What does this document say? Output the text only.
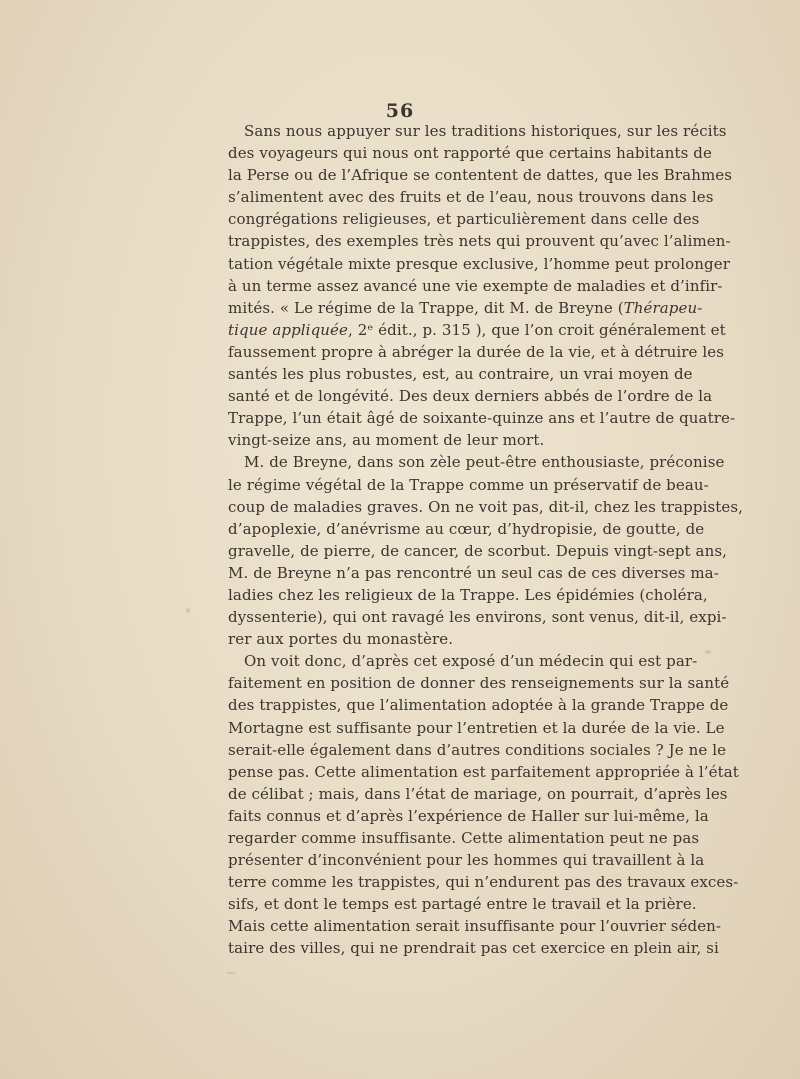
56
Sans nous appuyer sur les traditions historiques, sur les récits
des voyageurs qui nous ont rapporté que certains habitants de
la Perse ou de l’Afrique se contentent de dattes, que les Brahmes
s’alimentent avec des fruits et de l’eau, nous trouvons dans les
congrégations religieuses, et particulièrement dans celle des
trappistes, des exemples très nets qui prouvent qu’avec l’alimen-
tation végétale mixte presque exclusive, l’homme peut prolonger
à un terme assez avancé une vie exempte de maladies et d’infir-
mités. « Le régime de la Trappe, dit M. de Breyne (Thérapeu-
tique appliquée, 2ᵉ édit., p. 315 ), que l’on croit généralement et
faussement propre à abréger la durée de la vie, et à détruire les
santés les plus robustes, est, au contraire, un vrai moyen de
santé et de longévité. Des deux derniers abbés de l’ordre de la
Trappe, l’un était âgé de soixante-quinze ans et l’autre de quatre-
vingt-seize ans, au moment de leur mort.
M. de Breyne, dans son zèle peut-être enthousiaste, préconise
le régime végétal de la Trappe comme un préservatif de beau-
coup de maladies graves. On ne voit pas, dit-il, chez les trappistes,
d’apoplexie, d’anévrisme au cœur, d’hydropisie, de goutte, de
gravelle, de pierre, de cancer, de scorbut. Depuis vingt-sept ans,
M. de Breyne n’a pas rencontré un seul cas de ces diverses ma-
ladies chez les religieux de la Trappe. Les épidémies (choléra,
dyssenterie), qui ont ravagé les environs, sont venus, dit-il, expi-
rer aux portes du monastère.
On voit donc, d’après cet exposé d’un médecin qui est par-
faitement en position de donner des renseignements sur la santé
des trappistes, que l’alimentation adoptée à la grande Trappe de
Mortagne est suffisante pour l’entretien et la durée de la vie. Le
serait-elle également dans d’autres conditions sociales ? Je ne le
pense pas. Cette alimentation est parfaitement appropriée à l’état
de célibat ; mais, dans l’état de mariage, on pourrait, d’après les
faits connus et d’après l’expérience de Haller sur lui-même, la
regarder comme insuffisante. Cette alimentation peut ne pas
présenter d’inconvénient pour les hommes qui travaillent à la
terre comme les trappistes, qui n’endurent pas des travaux exces-
sifs, et dont le temps est partagé entre le travail et la prière.
Mais cette alimentation serait insuffisante pour l’ouvrier séden-
taire des villes, qui ne prendrait pas cet exercice en plein air, si
